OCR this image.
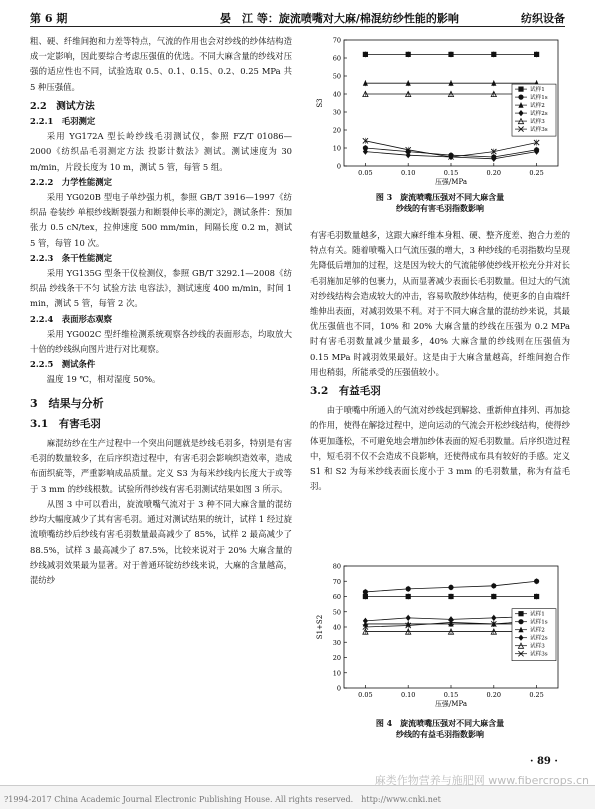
第 6 期	晏　江 等：旋流喷嘴对大麻/棉混纺纱性能的影响	纺织设备

粗、硬、纤维间抱和力差等特点，气流的作用也会对纱线的纱体结构造成一定影响，因此要综合考虑压强值的优选。不同大麻含量的纱线对压强的适应性也不同，试验选取 0.5、0.1、0.15、0.2、0.25 MPa 共 5 种压强值。

2.2　测试方法
2.2.1　毛羽测定

采用 YG172A 型长岭纱线毛羽测试仪，参照 FZ/T 01086—2000《纺织品毛羽测定方法 投影计数法》测试。测试速度为 30 m/min，片段长度为 10 m，测试 5 管，每管 5 组。

2.2.2　力学性能测定

采用 YG020B 型电子单纱强力机，参照 GB/T 3916—1997《纺织品 卷装纱 单根纱线断裂强力和断裂伸长率的测定》，测试条件：预加张力 0.5 cN/tex，拉伸速度 500 mm/min，间隔长度 0.2 m，测试 5 管，每管 10 次。

2.2.3　条干性能测定

采用 YG135G 型条干仪检测仪，参照 GB/T 3292.1—2008《纺织品 纱线条干不匀 试验方法 电容法》，测试速度 400 m/min，时间 1 min，测试 5 管，每管 2 次。

2.2.4　表面形态观察

采用 YG002C 型纤维检测系统观察各纱线的表面形态，均取放大十倍的纱线纵向图片进行对比观察。

2.2.5　测试条件

温度 19 ℃，相对湿度 50%。

3　结果与分析
3.1　有害毛羽

麻混纺纱在生产过程中一个突出问题就是纱线毛羽多，特别是有害毛羽的数量较多，在后序织造过程中，有害毛羽会影响织造效率，造成布面织疵等，严重影响成品质量。定义 S3 为每米纱线内长度大于或等于 3 mm 的纱线根数。试验所得纱线有害毛羽测试结果如图 3 所示。

从图 3 中可以看出，旋流喷嘴气流对于 3 种不同大麻含量的混纺纱均大幅度减少了其有害毛羽。通过对测试结果的统计，试样 1 经过旋流喷嘴纺纱后纱线有害毛羽数量最高减少了 85%，试样 2 最高减少了 88.5%，试样 3 最高减少了 87.5%，比较来说对于 20% 大麻含量的纱线减羽效果最为显著。对于普通环锭纺纱线来说，大麻的含量越高，混纺纱

0
10
20
30
40
50
60
70
0.05	0.10	0.15	0.20	0.25
压强/MPa
S3
试样1
试样1s
试样2
试样2s
试样3
试样3s
图 3　 旋流喷嘴压强对不同大麻含量
纱线的有害毛羽指数影响

有害毛羽数量越多，这跟大麻纤维本身粗、硬、整齐度差、抱合力差的特点有关。随着喷嘴入口气流压强的增大，3 种纱线的毛羽指数均呈现先降低后增加的过程，这是因为较大的气流能够使纱线开松充分并对长毛羽施加足够的包裹力，从而显著减少表面长毛羽数量。但过大的气流对纱线结构会造成较大的冲击，容易吹散纱体结构，使更多的自由端纤维伸出表面，对减羽效果不利。对于不同大麻含量的混纺纱来说，其最优压强值也不同，10% 和 20% 大麻含量的纱线在压强为 0.2 MPa 时有害毛羽数量减少量最多，40% 大麻含量的纱线则在压强值为 0.15 MPa 时减羽效果最好。这是由于大麻含量越高，纤维间抱合作用也稍弱，所能承受的压强值较小。

3.2　有益毛羽

由于喷嘴中所通入的气流对纱线起到解捻、重新伸直排列、再加捻的作用，使得在解捻过程中，逆向运动的气流会开松纱线结构，使得纱体更加蓬松，不可避免地会增加纱体表面的短毛羽数量。后序织造过程中，短毛羽不仅不会造成不良影响，还使得成布具有较好的手感。定义 S1 和 S2 为每米纱线表面长度小于 3 mm 的毛羽数量，称为有益毛羽。

0
10
20
30
40
50
60
70
80
0.05	0.10	0.15	0.20	0.25
压强/MPa
S1+S2
试样1
试样1s
试样2
试样2s
试样3
试样3s
图 4　 旋流喷嘴压强对不同大麻含量
纱线的有益毛羽指数影响
· 89 ·
?1994-2017 China Academic Journal Electronic Publishing House. All rights reserved.　http://www.cnki.net
麻类作物营养与施肥网 www.fibercrops.cn
